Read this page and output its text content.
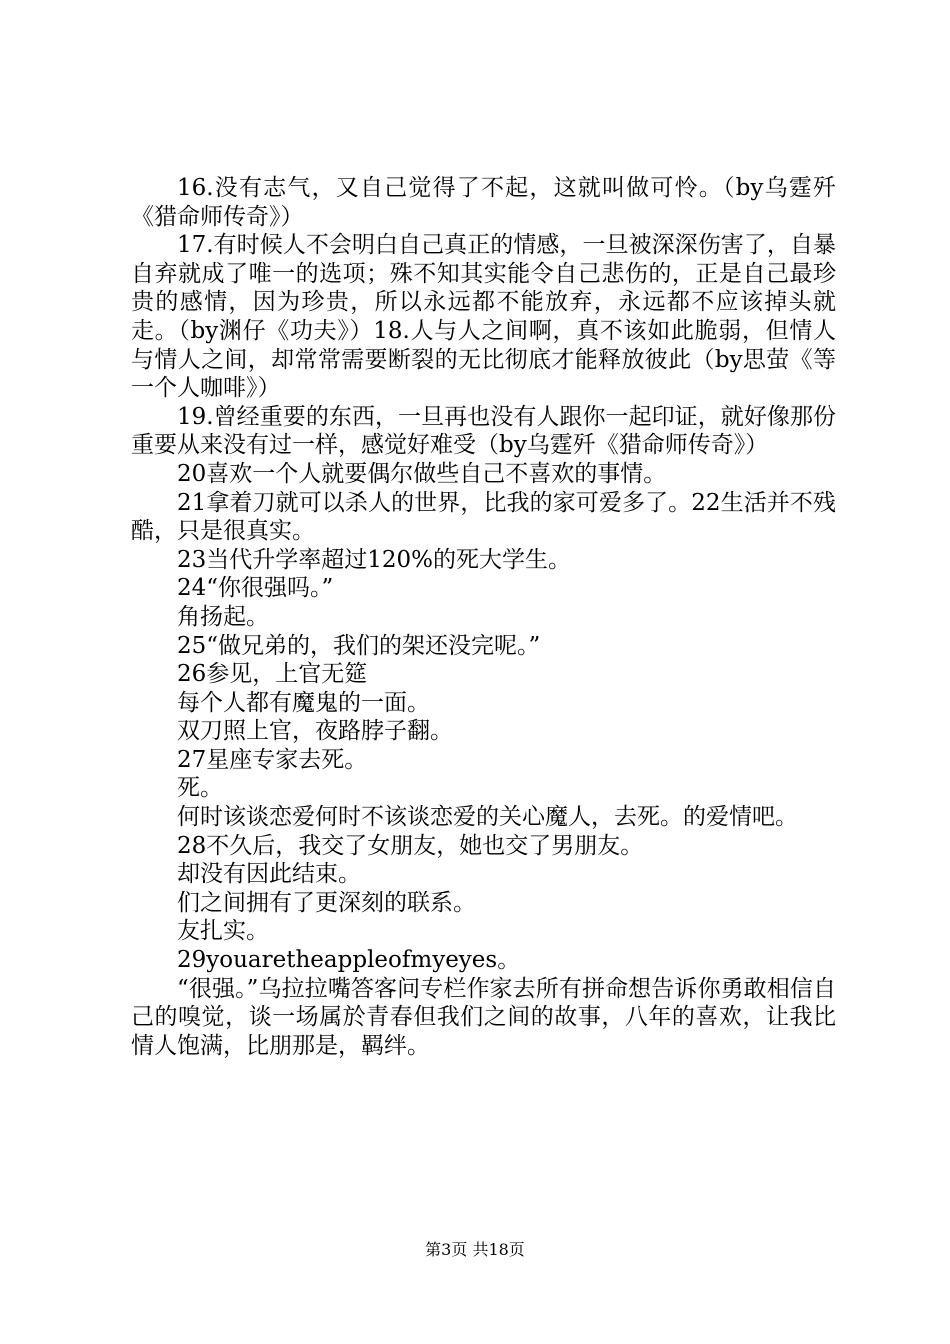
16.没有志气，又自己觉得了不起，这就叫做可怜。（by乌霆歼《猎命师传奇》）

17.有时候人不会明白自己真正的情感，一旦被深深伤害了，自暴自弃就成了唯一的选项；殊不知其实能令自己悲伤的，正是自己最珍贵的感情，因为珍贵，所以永远都不能放弃，永远都不应该掉头就走。（by渊仔《功夫》）18.人与人之间啊，真不该如此脆弱，但情人与情人之间，却常常需要断裂的无比彻底才能释放彼此（by思萤《等一个人咖啡》）

19.曾经重要的东西，一旦再也没有人跟你一起印证，就好像那份重要从来没有过一样，感觉好难受（by乌霆歼《猎命师传奇》）

20喜欢一个人就要偶尔做些自己不喜欢的事情。

21拿着刀就可以杀人的世界，比我的家可爱多了。22生活并不残酷，只是很真实。

23当代升学率超过120%的死大学生。

24“你很强吗。”

角扬起。

25“做兄弟的，我们的架还没完呢。”

26参见，上官无筵

每个人都有魔鬼的一面。

双刀照上官，夜路脖子翻。

27星座专家去死。

死。

何时该谈恋爱何时不该谈恋爱的关心魔人，去死。的爱情吧。

28不久后，我交了女朋友，她也交了男朋友。

却没有因此结束。

们之间拥有了更深刻的联系。

友扎实。

29youaretheappleofmyeyes。

“很强。”乌拉拉嘴答客问专栏作家去所有拼命想告诉你勇敢相信自己的嗅觉，谈一场属於青春但我们之间的故事，八年的喜欢，让我比情人饱满，比朋那是，羁绊。

第3页 共18页
